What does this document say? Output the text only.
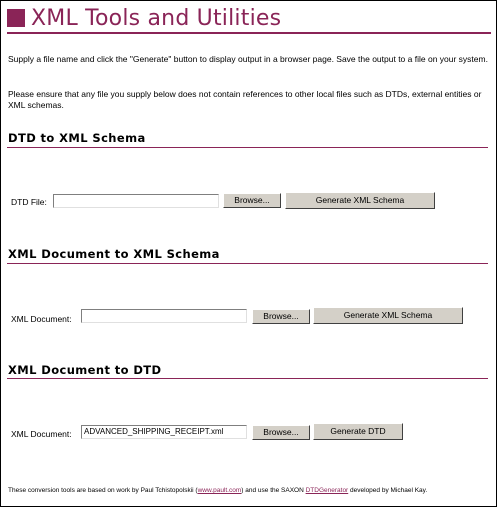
XML Tools and Utilities
Supply a file name and click the "Generate" button to display output in a browser page. Save the output to a file on your system.
Please ensure that any file you supply below does not contain references to other local files such as DTDs, external entities or XML schemas.
DTD to XML Schema
DTD File:	Browse...	Generate XML Schema
XML Document to XML Schema
XML Document:	Browse...	Generate XML Schema
XML Document to DTD
XML Document:	ADVANCED_SHIPPING_RECEIPT.xml	Browse...	Generate DTD
These conversion tools are based on work by Paul Tchistopolskii (www.pault.com) and use the SAXON DTDGenerator developed by Michael Kay.
